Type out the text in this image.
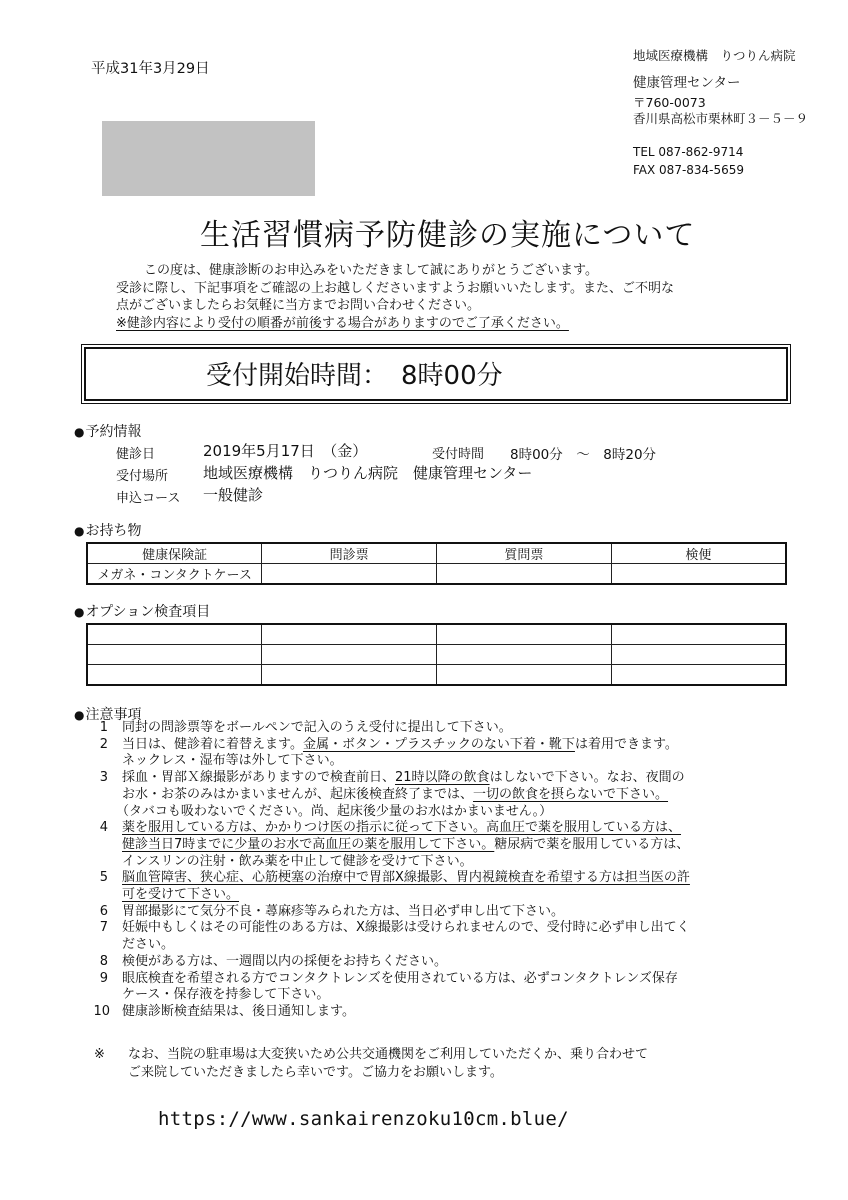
平成31年3月29日
地域医療機構　りつりん病院
健康管理センター
〒760-0073
香川県高松市栗林町３－５－９
TEL 087-862-9714
FAX 087-834-5659
生活習慣病予防健診の実施について

この度は、健康診断のお申込みをいただきまして誠にありがとうございます。

受診に際し、下記事項をご確認の上お越しくださいますようお願いいたします。また、ご不明な

点がございましたらお気軽に当方までお問い合わせください。

※健診内容により受付の順番が前後する場合がありますのでご了承ください。

受付開始時間：　8時00分
●予約情報
健診日	2019年5月17日　（金）	受付時間 8時00分　～　8時20分
受付場所 地域医療機構　りつりん病院　健康管理センター
申込コース 一般健診
●お持ち物
健康保険証	問診票	質問票	検便
メガネ・コンタクトケース			
●オプション検査項目

●注意事項
1 同封の問診票等をボールペンで記入のうえ受付に提出して下さい。
2 当日は、健診着に着替えます。金属・ボタン・プラスチックのない下着・靴下は着用できます。
ネックレス・湿布等は外して下さい。
3 採血・胃部Ｘ線撮影がありますので検査前日、21時以降の飲食はしないで下さい。なお、夜間の
お水・お茶のみはかまいませんが、起床後検査終了までは、一切の飲食を摂らないで下さい。
（タバコも吸わないでください。尚、起床後少量のお水はかまいません。）
4 薬を服用している方は、かかりつけ医の指示に従って下さい。高血圧で薬を服用している方は、
健診当日7時までに少量のお水で高血圧の薬を服用して下さい。糖尿病で薬を服用している方は、
インスリンの注射・飲み薬を中止して健診を受けて下さい。
5 脳血管障害、狭心症、心筋梗塞の治療中で胃部X線撮影、胃内視鏡検査を希望する方は担当医の許
可を受けて下さい。
6 胃部撮影にて気分不良・蕁麻疹等みられた方は、当日必ず申し出て下さい。
7 妊娠中もしくはその可能性のある方は、X線撮影は受けられませんので、受付時に必ず申し出てく
ださい。
8 検便がある方は、一週間以内の採便をお持ちください。
9 眼底検査を希望される方でコンタクトレンズを使用されている方は、必ずコンタクトレンズ保存
ケース・保存液を持参して下さい。
10 健康診断検査結果は、後日通知します。
※ なお、当院の駐車場は大変狭いため公共交通機関をご利用していただくか、乗り合わせて
ご来院していただきましたら幸いです。ご協力をお願いします。
https://www.sankairenzoku10cm.blue/
